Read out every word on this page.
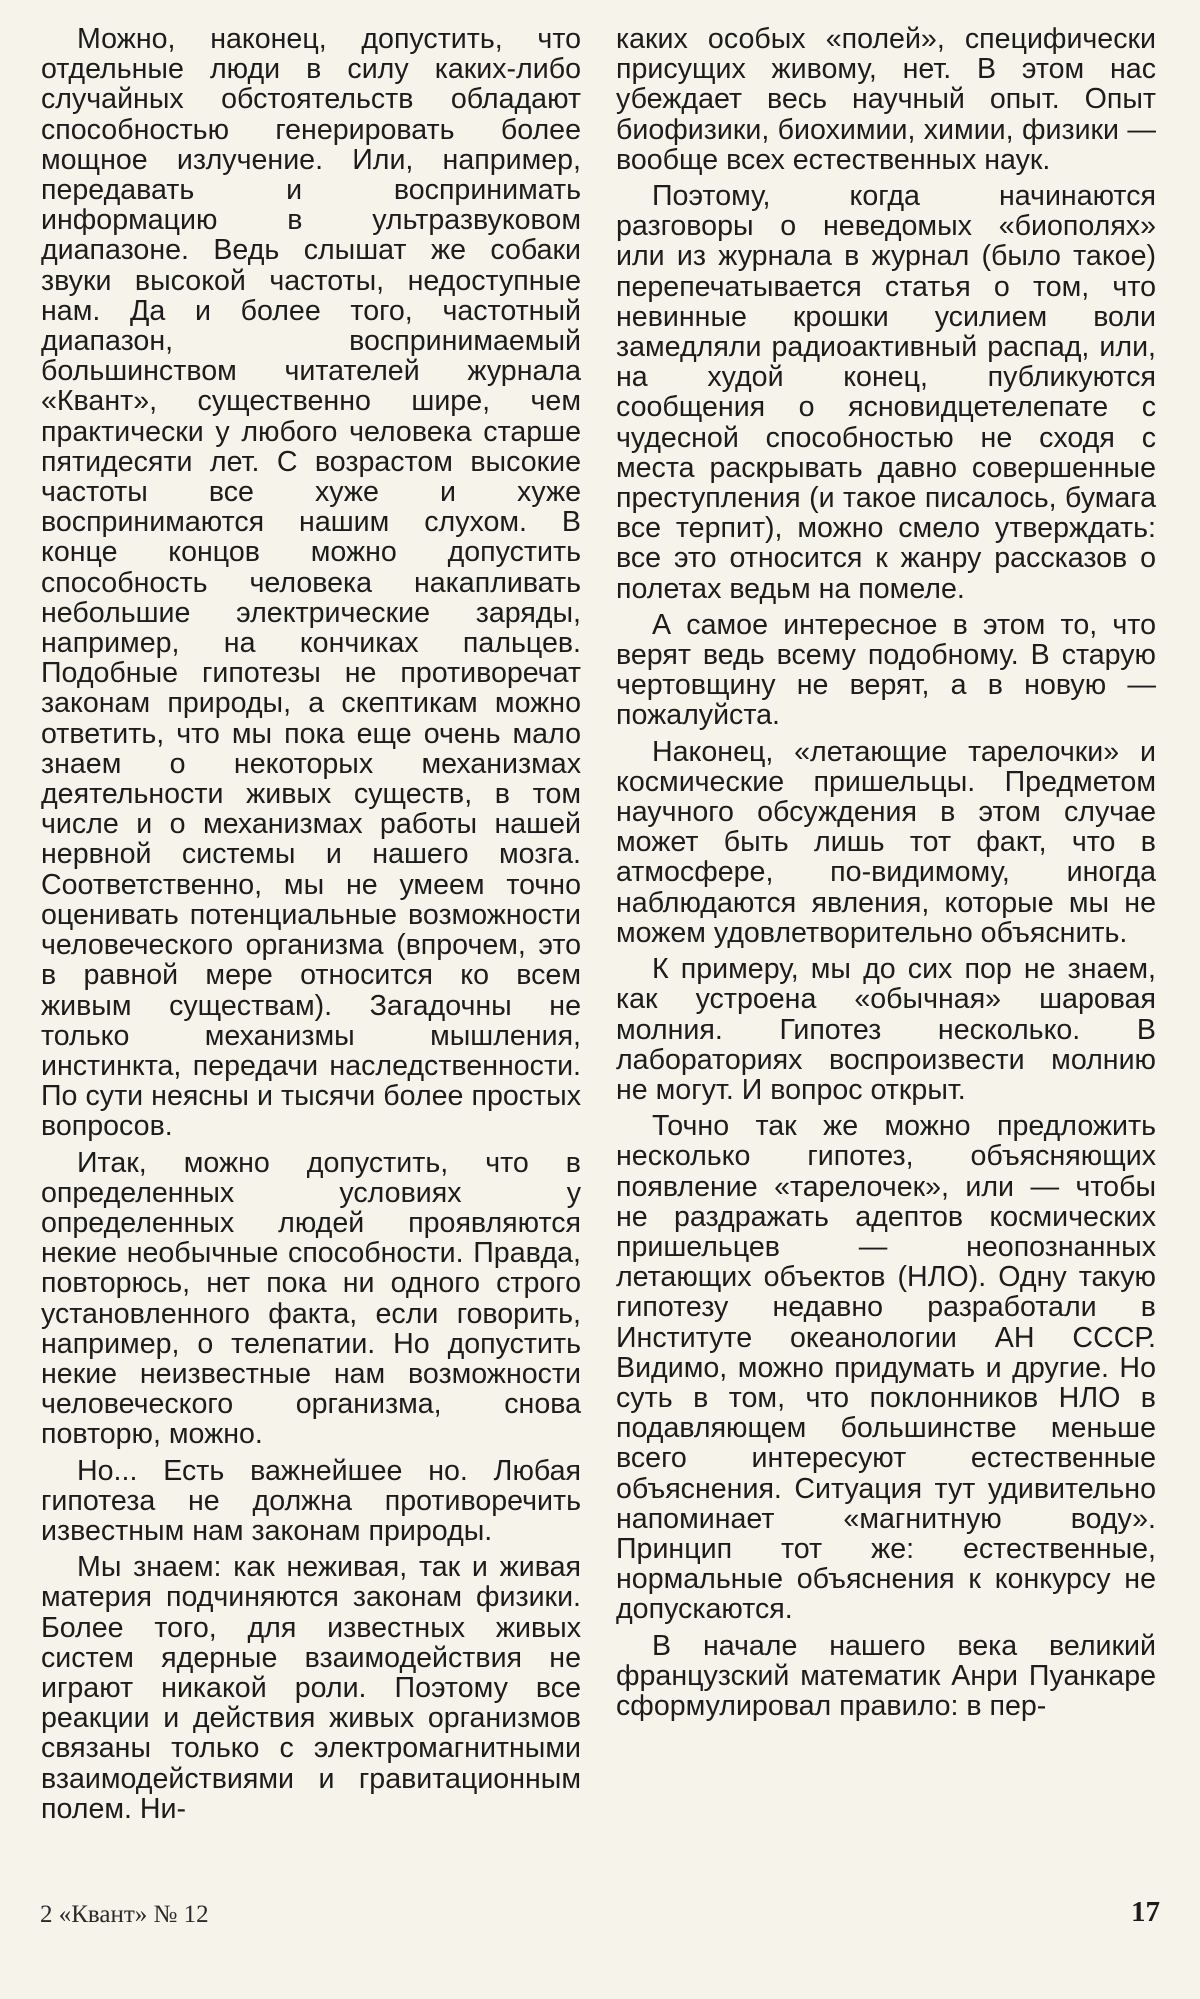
Можно, наконец, допустить, что отдельные люди в силу каких-либо случайных обстоятельств обладают способностью генерировать более мощное излучение. Или, например, передавать и воспринимать информацию в ультразвуковом диапазоне. Ведь слышат же собаки звуки высокой частоты, недоступные нам. Да и более того, частотный диапазон, воспринимаемый большинством читателей журнала «Квант», существенно шире, чем практически у любого человека старше пятидесяти лет. С возрастом высокие частоты все хуже и хуже воспринимаются нашим слухом. В конце концов можно допустить способность человека накапливать небольшие электрические заряды, например, на кончиках пальцев. Подобные гипотезы не противоречат законам природы, а скептикам можно ответить, что мы пока еще очень мало знаем о некоторых механизмах деятельности живых существ, в том числе и о механизмах работы нашей нервной системы и нашего мозга. Соответственно, мы не умеем точно оценивать потенциальные возможности человеческого организма (впрочем, это в равной мере относится ко всем живым существам). Загадочны не только механизмы мышления, инстинкта, передачи наследственности. По сути неясны и тысячи более простых вопросов.

Итак, можно допустить, что в определенных условиях у определенных людей проявляются некие необычные способности. Правда, повторюсь, нет пока ни одного строго установленного факта, если говорить, например, о телепатии. Но допустить некие неизвестные нам возможности человеческого организма, снова повторю, можно.

Но... Есть важнейшее но. Любая гипотеза не должна противоречить известным нам законам природы.

Мы знаем: как неживая, так и живая материя подчиняются законам физики. Более того, для известных живых систем ядерные взаимодействия не играют никакой роли. Поэтому все реакции и действия живых организмов связаны только с электромагнитными взаимодействиями и гравитационным полем. Ни-

каких особых «полей», специфически присущих живому, нет. В этом нас убеждает весь научный опыт. Опыт биофизики, биохимии, химии, физики — вообще всех естественных наук.

Поэтому, когда начинаются разговоры о неведомых «биополях» или из журнала в журнал (было такое) перепечатывается статья о том, что невинные крошки усилием воли замедляли радиоактивный распад, или, на худой конец, публикуются сообщения о ясновидцетелепате с чудесной способностью не сходя с места раскрывать давно совершенные преступления (и такое писалось, бумага все терпит), можно смело утверждать: все это относится к жанру рассказов о полетах ведьм на помеле.

А самое интересное в этом то, что верят ведь всему подобному. В старую чертовщину не верят, а в новую — пожалуйста.

Наконец, «летающие тарелочки» и космические пришельцы. Предметом научного обсуждения в этом случае может быть лишь тот факт, что в атмосфере, по-видимому, иногда наблюдаются явления, которые мы не можем удовлетворительно объяснить.

К примеру, мы до сих пор не знаем, как устроена «обычная» шаровая молния. Гипотез несколько. В лабораториях воспроизвести молнию не могут. И вопрос открыт.

Точно так же можно предложить несколько гипотез, объясняющих появление «тарелочек», или — чтобы не раздражать адептов космических пришельцев — неопознанных летающих объектов (НЛО). Одну такую гипотезу недавно разработали в Институте океанологии АН СССР. Видимо, можно придумать и другие. Но суть в том, что поклонников НЛО в подавляющем большинстве меньше всего интересуют естественные объяснения. Ситуация тут удивительно напоминает «магнитную воду». Принцип тот же: естественные, нормальные объяснения к конкурсу не допускаются.

В начале нашего века великий французский математик Анри Пуанкаре сформулировал правило: в пер-

2 «Квант» № 12	17
